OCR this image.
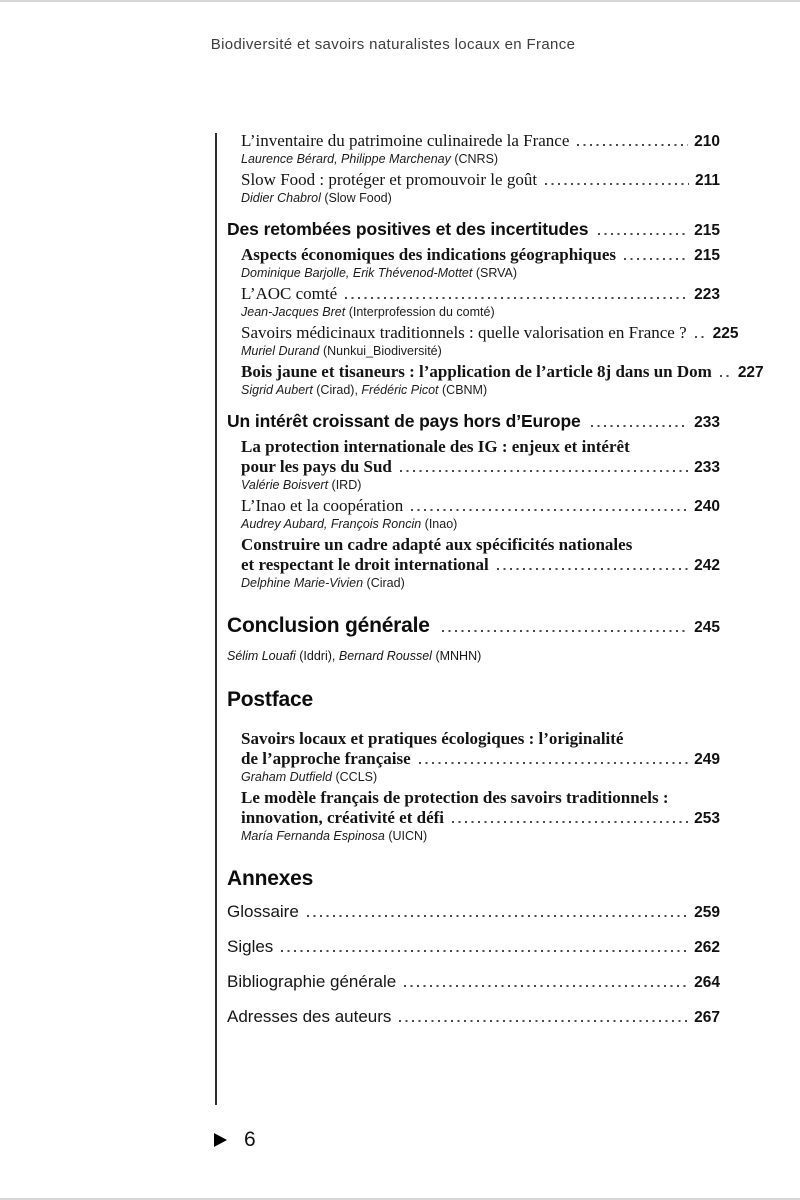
Biodiversité et savoirs naturalistes locaux en France
L’inventaire du patrimoine culinairede la France	210
Laurence Bérard, Philippe Marchenay (CNRS)
Slow Food : protéger et promouvoir le goût	211
Didier Chabrol (Slow Food)
Des retombées positives et des incertitudes	215
Aspects économiques des indications géographiques	215
Dominique Barjolle, Erik Thévenod-Mottet (SRVA)
L’AOC comté	223
Jean-Jacques Bret (Interprofession du comté)
Savoirs médicinaux traditionnels : quelle valorisation en France ? 225
Muriel Durand (Nunkui_Biodiversité)
Bois jaune et tisaneurs : l’application de l’article 8j dans un Dom 227
Sigrid Aubert (Cirad), Frédéric Picot (CBNM)
Un intérêt croissant de pays hors d’Europe	233
La protection internationale des IG : enjeux et intérêt
pour les pays du Sud	233
Valérie Boisvert (IRD)
L’Inao et la coopération	240
Audrey Aubard, François Roncin (Inao)
Construire un cadre adapté aux spécificités nationales
et respectant le droit international	242
Delphine Marie-Vivien (Cirad)
Conclusion générale	245
Sélim Louafi (Iddri), Bernard Roussel (MNHN)
Postface
Savoirs locaux et pratiques écologiques : l’originalité
de l’approche française	249
Graham Dutfield (CCLS)
Le modèle français de protection des savoirs traditionnels :
innovation, créativité et défi	253
María Fernanda Espinosa (UICN)
Annexes
Glossaire	259
Sigles	262
Bibliographie générale	264
Adresses des auteurs	267
6
